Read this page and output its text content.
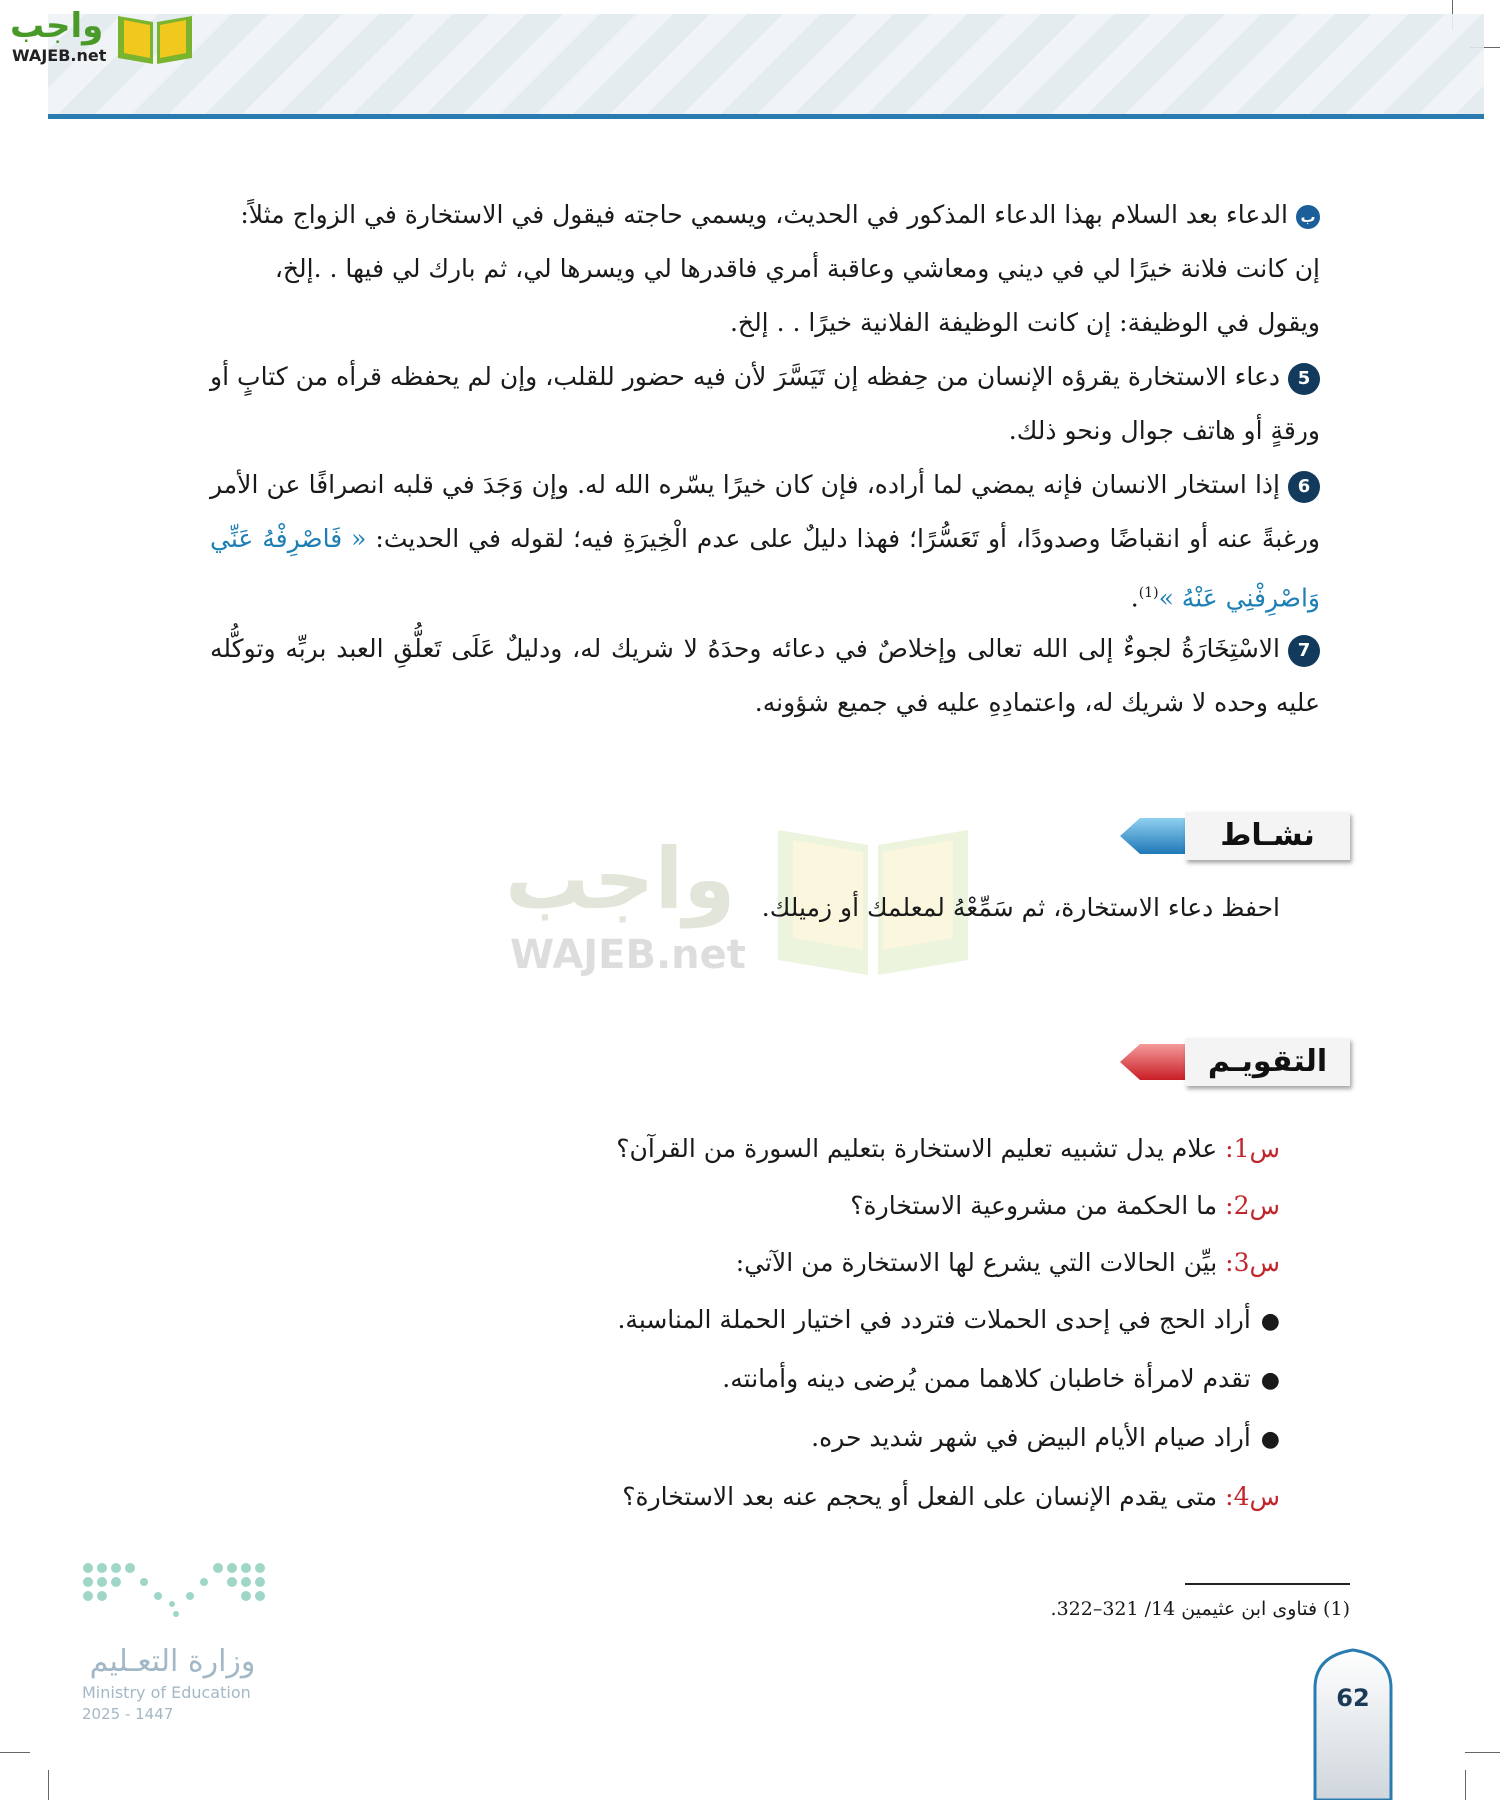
واجب
WAJEB.net
بالدعاء بعد السلام بهذا الدعاء المذكور في الحديث، ويسمي حاجته فيقول في الاستخارة في الزواج مثلاً:
إن كانت فلانة خيرًا لي في ديني ومعاشي وعاقبة أمري فاقدرها لي ويسرها لي، ثم بارك لي فيها . .إلخ،
ويقول في الوظيفة: إن كانت الوظيفة الفلانية خيرًا . . إلخ.
5دعاء الاستخارة يقرؤه الإنسان من حِفظه إن تَيَسَّرَ لأن فيه حضور للقلب، وإن لم يحفظه قرأه من كتابٍ أو ورقةٍ أو هاتف جوال ونحو ذلك.
6إذا استخار الانسان فإنه يمضي لما أراده، فإن كان خيرًا يسّره الله له. وإن وَجَدَ في قلبه انصرافًا عن الأمر ورغبةً عنه أو انقباضًا وصدودًا، أو تَعَسُّرًا؛ فهذا دليلٌ على عدم الْخِيرَةِ فيه؛ لقوله في الحديث: « فَاصْرِفْهُ عَنِّي وَاصْرِفْنِي عَنْهُ »$^{(1)}$.
7الاسْتِخَارَةُ لجوءٌ إلى الله تعالى وإخلاصٌ في دعائه وحدَهُ لا شريك له، ودليلٌ عَلَى تَعلُّقِ العبد بربِّه وتوكُّله عليه وحده لا شريك له، واعتمادِهِ عليه في جميع شؤونه.
واجب
WAJEB.net
نشـاط
احفظ دعاء الاستخارة، ثم سَمِّعْهُ لمعلمك أو زميلك.
التقويـم
س1: علام يدل تشبيه تعليم الاستخارة بتعليم السورة من القرآن؟
س2: ما الحكمة من مشروعية الاستخارة؟
س3: بيِّن الحالات التي يشرع لها الاستخارة من الآتي:
●أراد الحج في إحدى الحملات فتردد في اختيار الحملة المناسبة.
●تقدم لامرأة خاطبان كلاهما ممن يُرضى دينه وأمانته.
●أراد صيام الأيام البيض في شهر شديد حره.
س4: متى يقدم الإنسان على الفعل أو يحجم عنه بعد الاستخارة؟
(1) فتاوى ابن عثيمين 14/ 321–322.
وزارة التعـليم
Ministry of Education
2025 - 1447
62
